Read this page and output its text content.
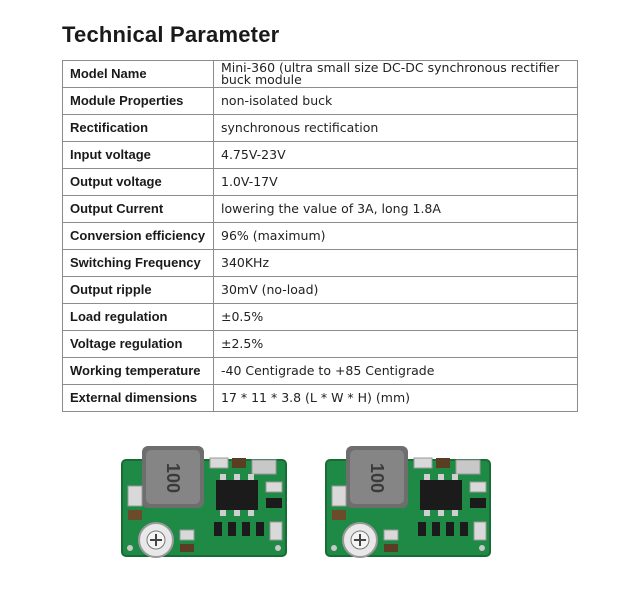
Technical Parameter
Model Name	Mini-360 (ultra small size DC-DC synchronous rectifier buck module
Module Properties	non-isolated buck
Rectification	synchronous rectification
Input voltage	4.75V-23V
Output voltage	1.0V-17V
Output Current	lowering the value of 3A, long 1.8A
Conversion efficiency	96% (maximum)
Switching Frequency	340KHz
Output ripple	30mV (no-load)
Load regulation	±0.5%
Voltage regulation	±2.5%
Working temperature	-40 Centigrade to +85 Centigrade
External dimensions	17 * 11 * 3.8 (L * W * H) (mm)
100	100
